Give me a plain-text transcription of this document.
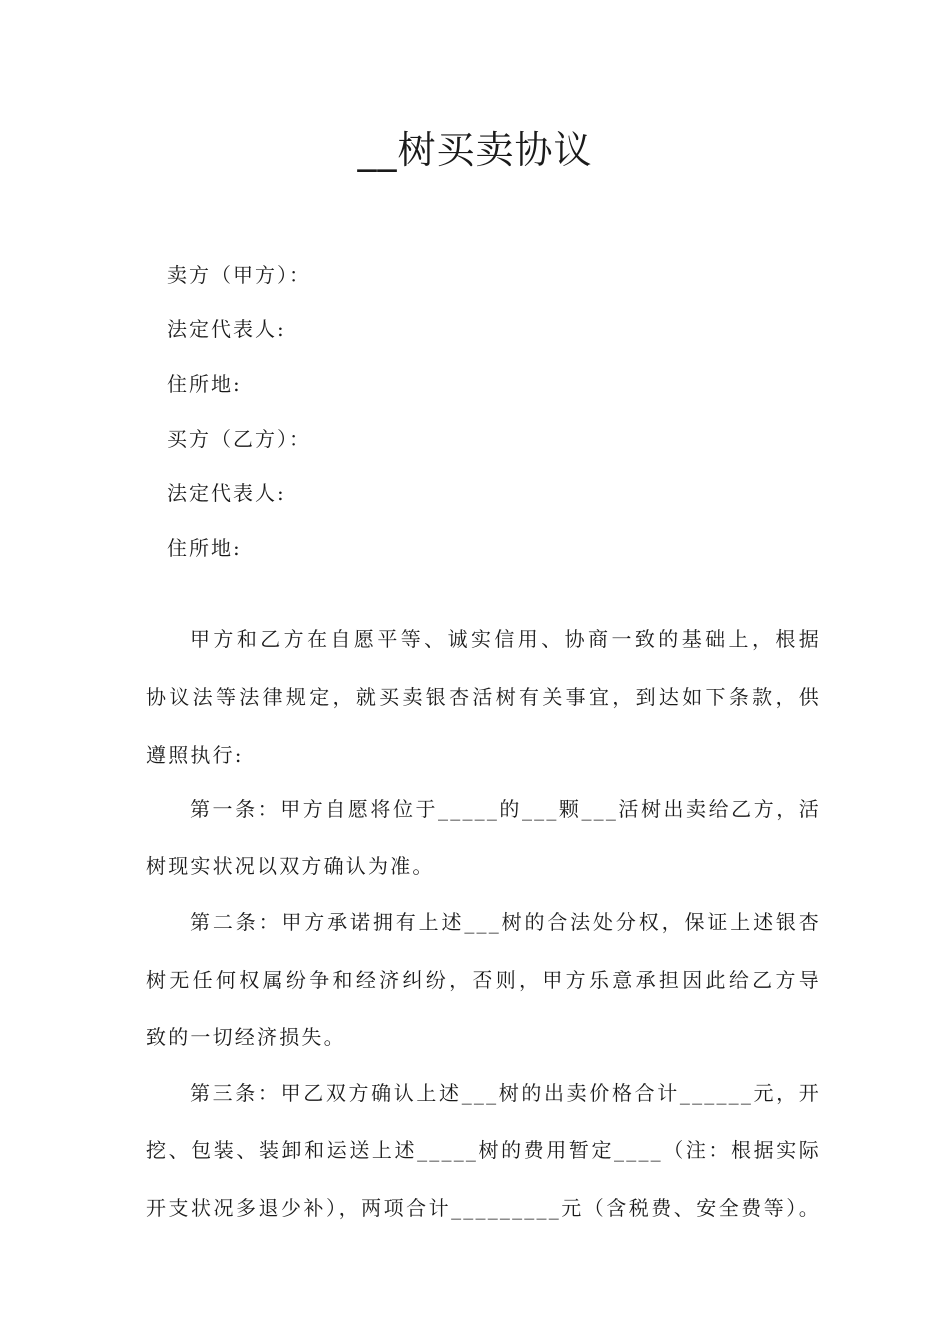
__树买卖协议
卖方（甲方）：
法定代表人:
住所地:
买方（乙方）：
法定代表人:
住所地:
甲方和乙方在自愿平等、诚实信用、协商一致的基础上，根据
协议法等法律规定，就买卖银杏活树有关事宜，到达如下条款，供
遵照执行:
第一条：甲方自愿将位于_____的___颗___活树出卖给乙方，活
树现实状况以双方确认为准。
第二条：甲方承诺拥有上述___树的合法处分权，保证上述银杏
树无任何权属纷争和经济纠纷，否则，甲方乐意承担因此给乙方导
致的一切经济损失。
第三条：甲乙双方确认上述___树的出卖价格合计______元，开
挖、包装、装卸和运送上述_____树的费用暂定____（注：根据实际
开支状况多退少补），两项合计_________元（含税费、安全费等）。
